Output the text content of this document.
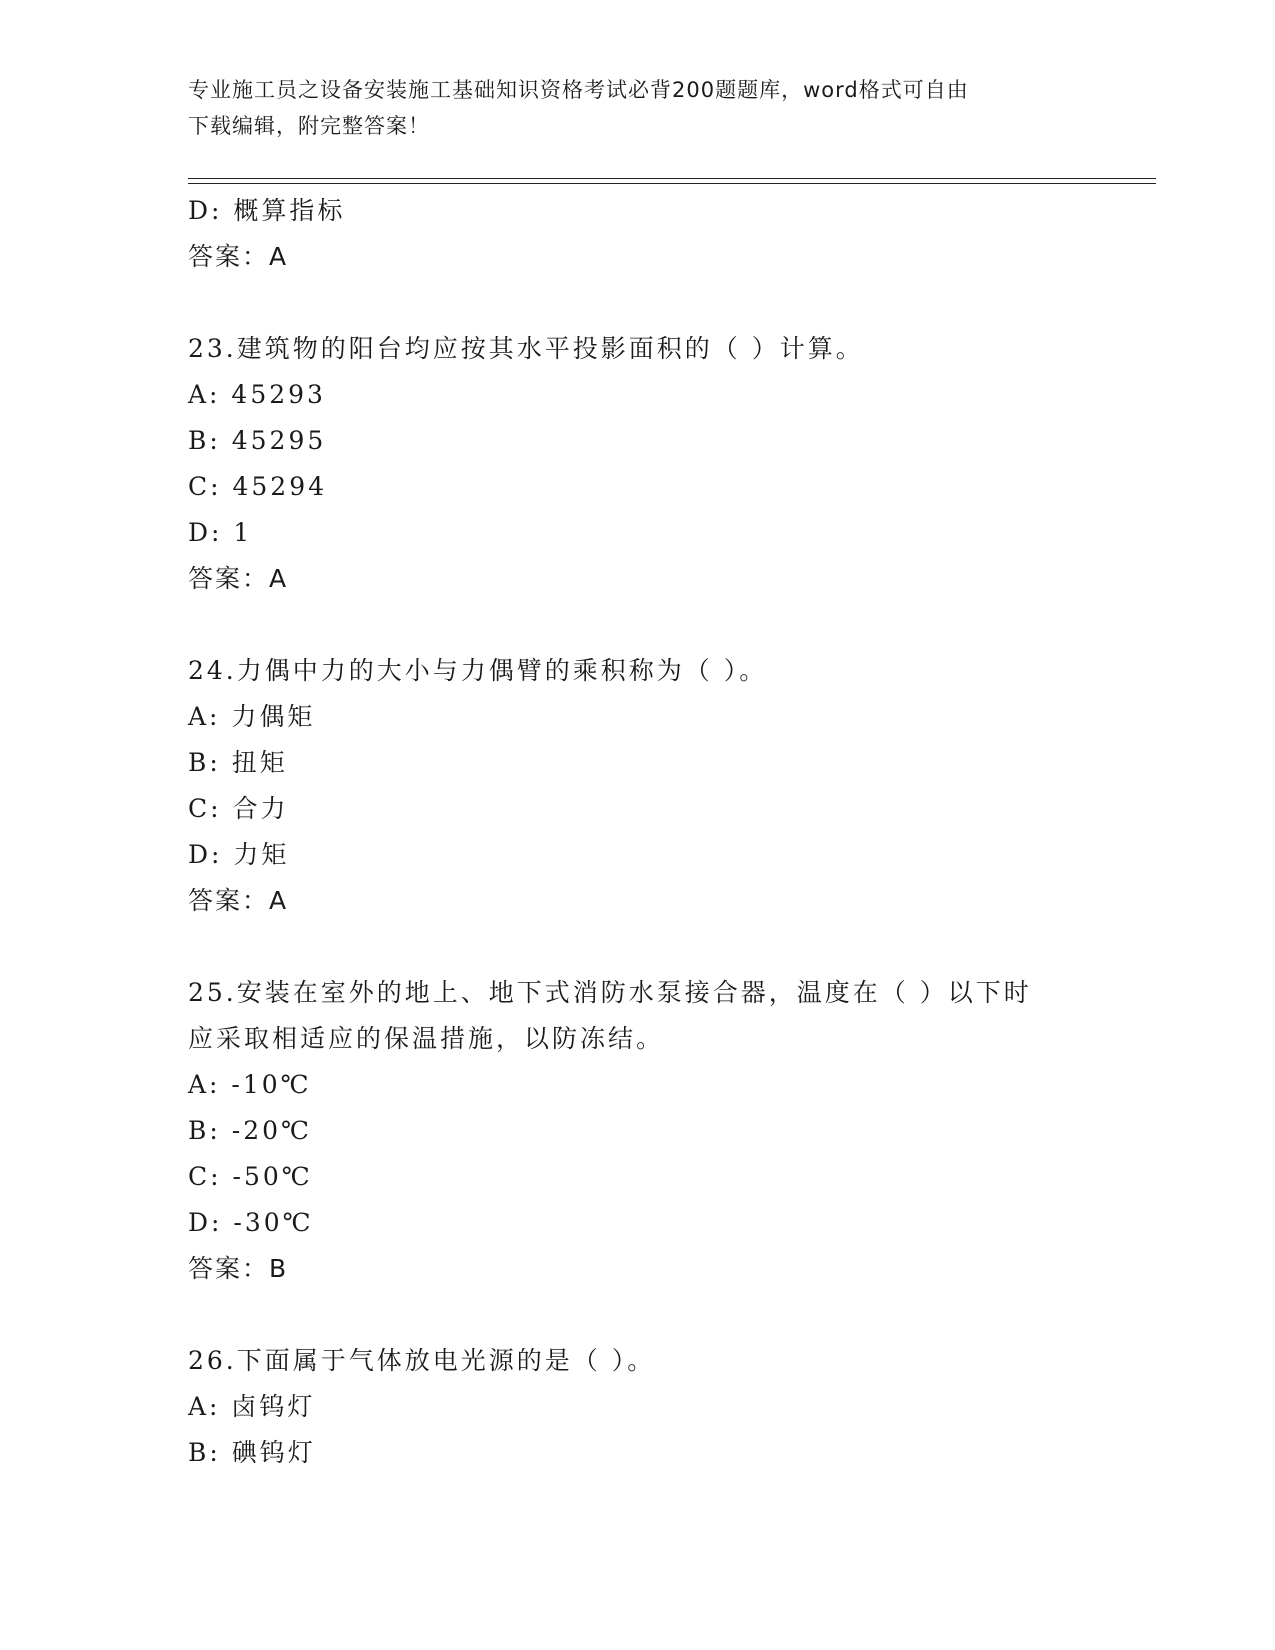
专业施工员之设备安装施工基础知识资格考试必背200题题库，word格式可自由
下载编辑，附完整答案！
D: 概算指标
答案：A
23.建筑物的阳台均应按其水平投影面积的（ ）计算。
A: 45293
B: 45295
C: 45294
D: 1
答案：A
24.力偶中力的大小与力偶臂的乘积称为（ ）。
A: 力偶矩
B: 扭矩
C: 合力
D: 力矩
答案：A
25.安装在室外的地上、地下式消防水泵接合器，温度在（ ）以下时
应采取相适应的保温措施，以防冻结。
A: -10℃
B: -20℃
C: -50℃
D: -30℃
答案：B
26.下面属于气体放电光源的是（ ）。
A: 卤钨灯
B: 碘钨灯
